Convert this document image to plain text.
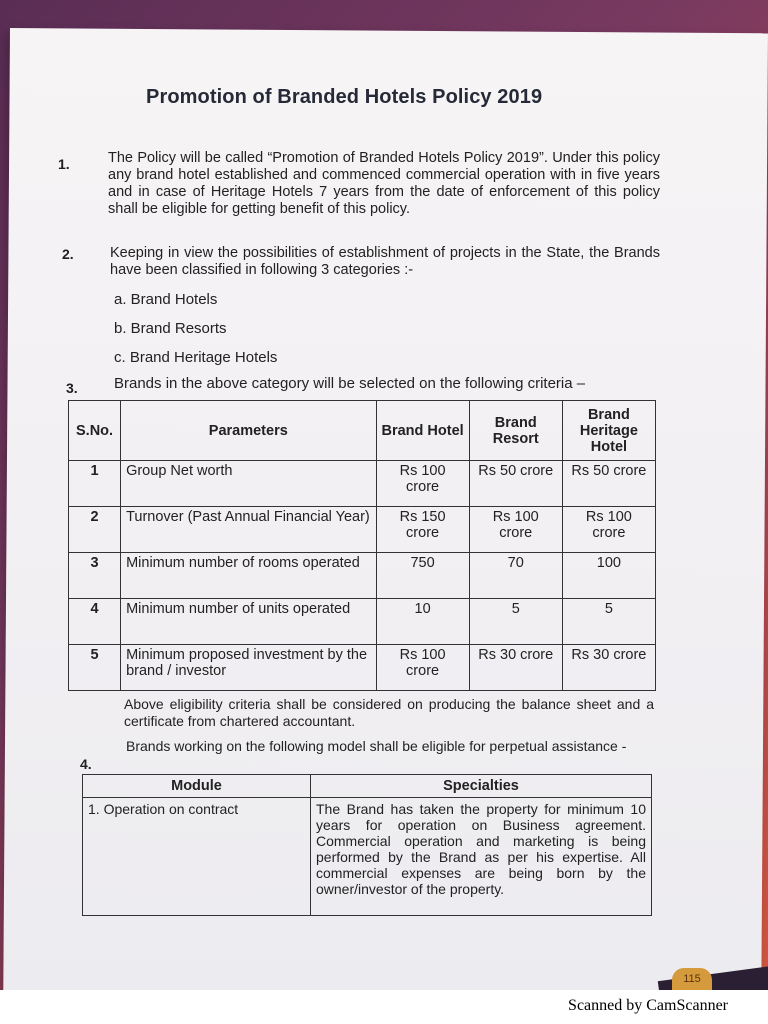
Promotion of Branded Hotels Policy 2019
1.	The Policy will be called “Promotion of Branded Hotels Policy 2019”. Under this policy any brand hotel established and commenced commercial operation with in five years and in case of Heritage Hotels 7 years from the date of enforcement of this policy shall be eligible for getting benefit of this policy.
2.	Keeping in view the possibilities of establishment of projects in the State, the Brands have been classified in following 3 categories :-
a. Brand Hotels
b. Brand Resorts
c. Brand Heritage Hotels
3. Brands in the above category will be selected on the following criteria –
S.No.	Parameters	Brand Hotel	Brand Resort	Brand Heritage Hotel
1	Group Net worth	Rs 100 crore	Rs 50 crore	Rs 50 crore
2	Turnover (Past Annual Financial Year)	Rs 150 crore	Rs 100 crore	Rs 100 crore
3	Minimum number of rooms operated	750	70	100
4	Minimum number of units operated	10	5	5
5	Minimum proposed investment by the brand / investor	Rs 100 crore	Rs 30 crore	Rs 30 crore
Above eligibility criteria shall be considered on producing the balance sheet and a certificate from chartered accountant.
4.
Brands working on the following model shall be eligible for perpetual assistance -
Module	Specialties
1. Operation on contract	The Brand has taken the property for minimum 10 years for operation on Business agreement. Commercial operation and marketing is being performed by the Brand as per his expertise. All commercial expenses are being born by the owner/investor of the property.
115
Scanned by CamScanner
